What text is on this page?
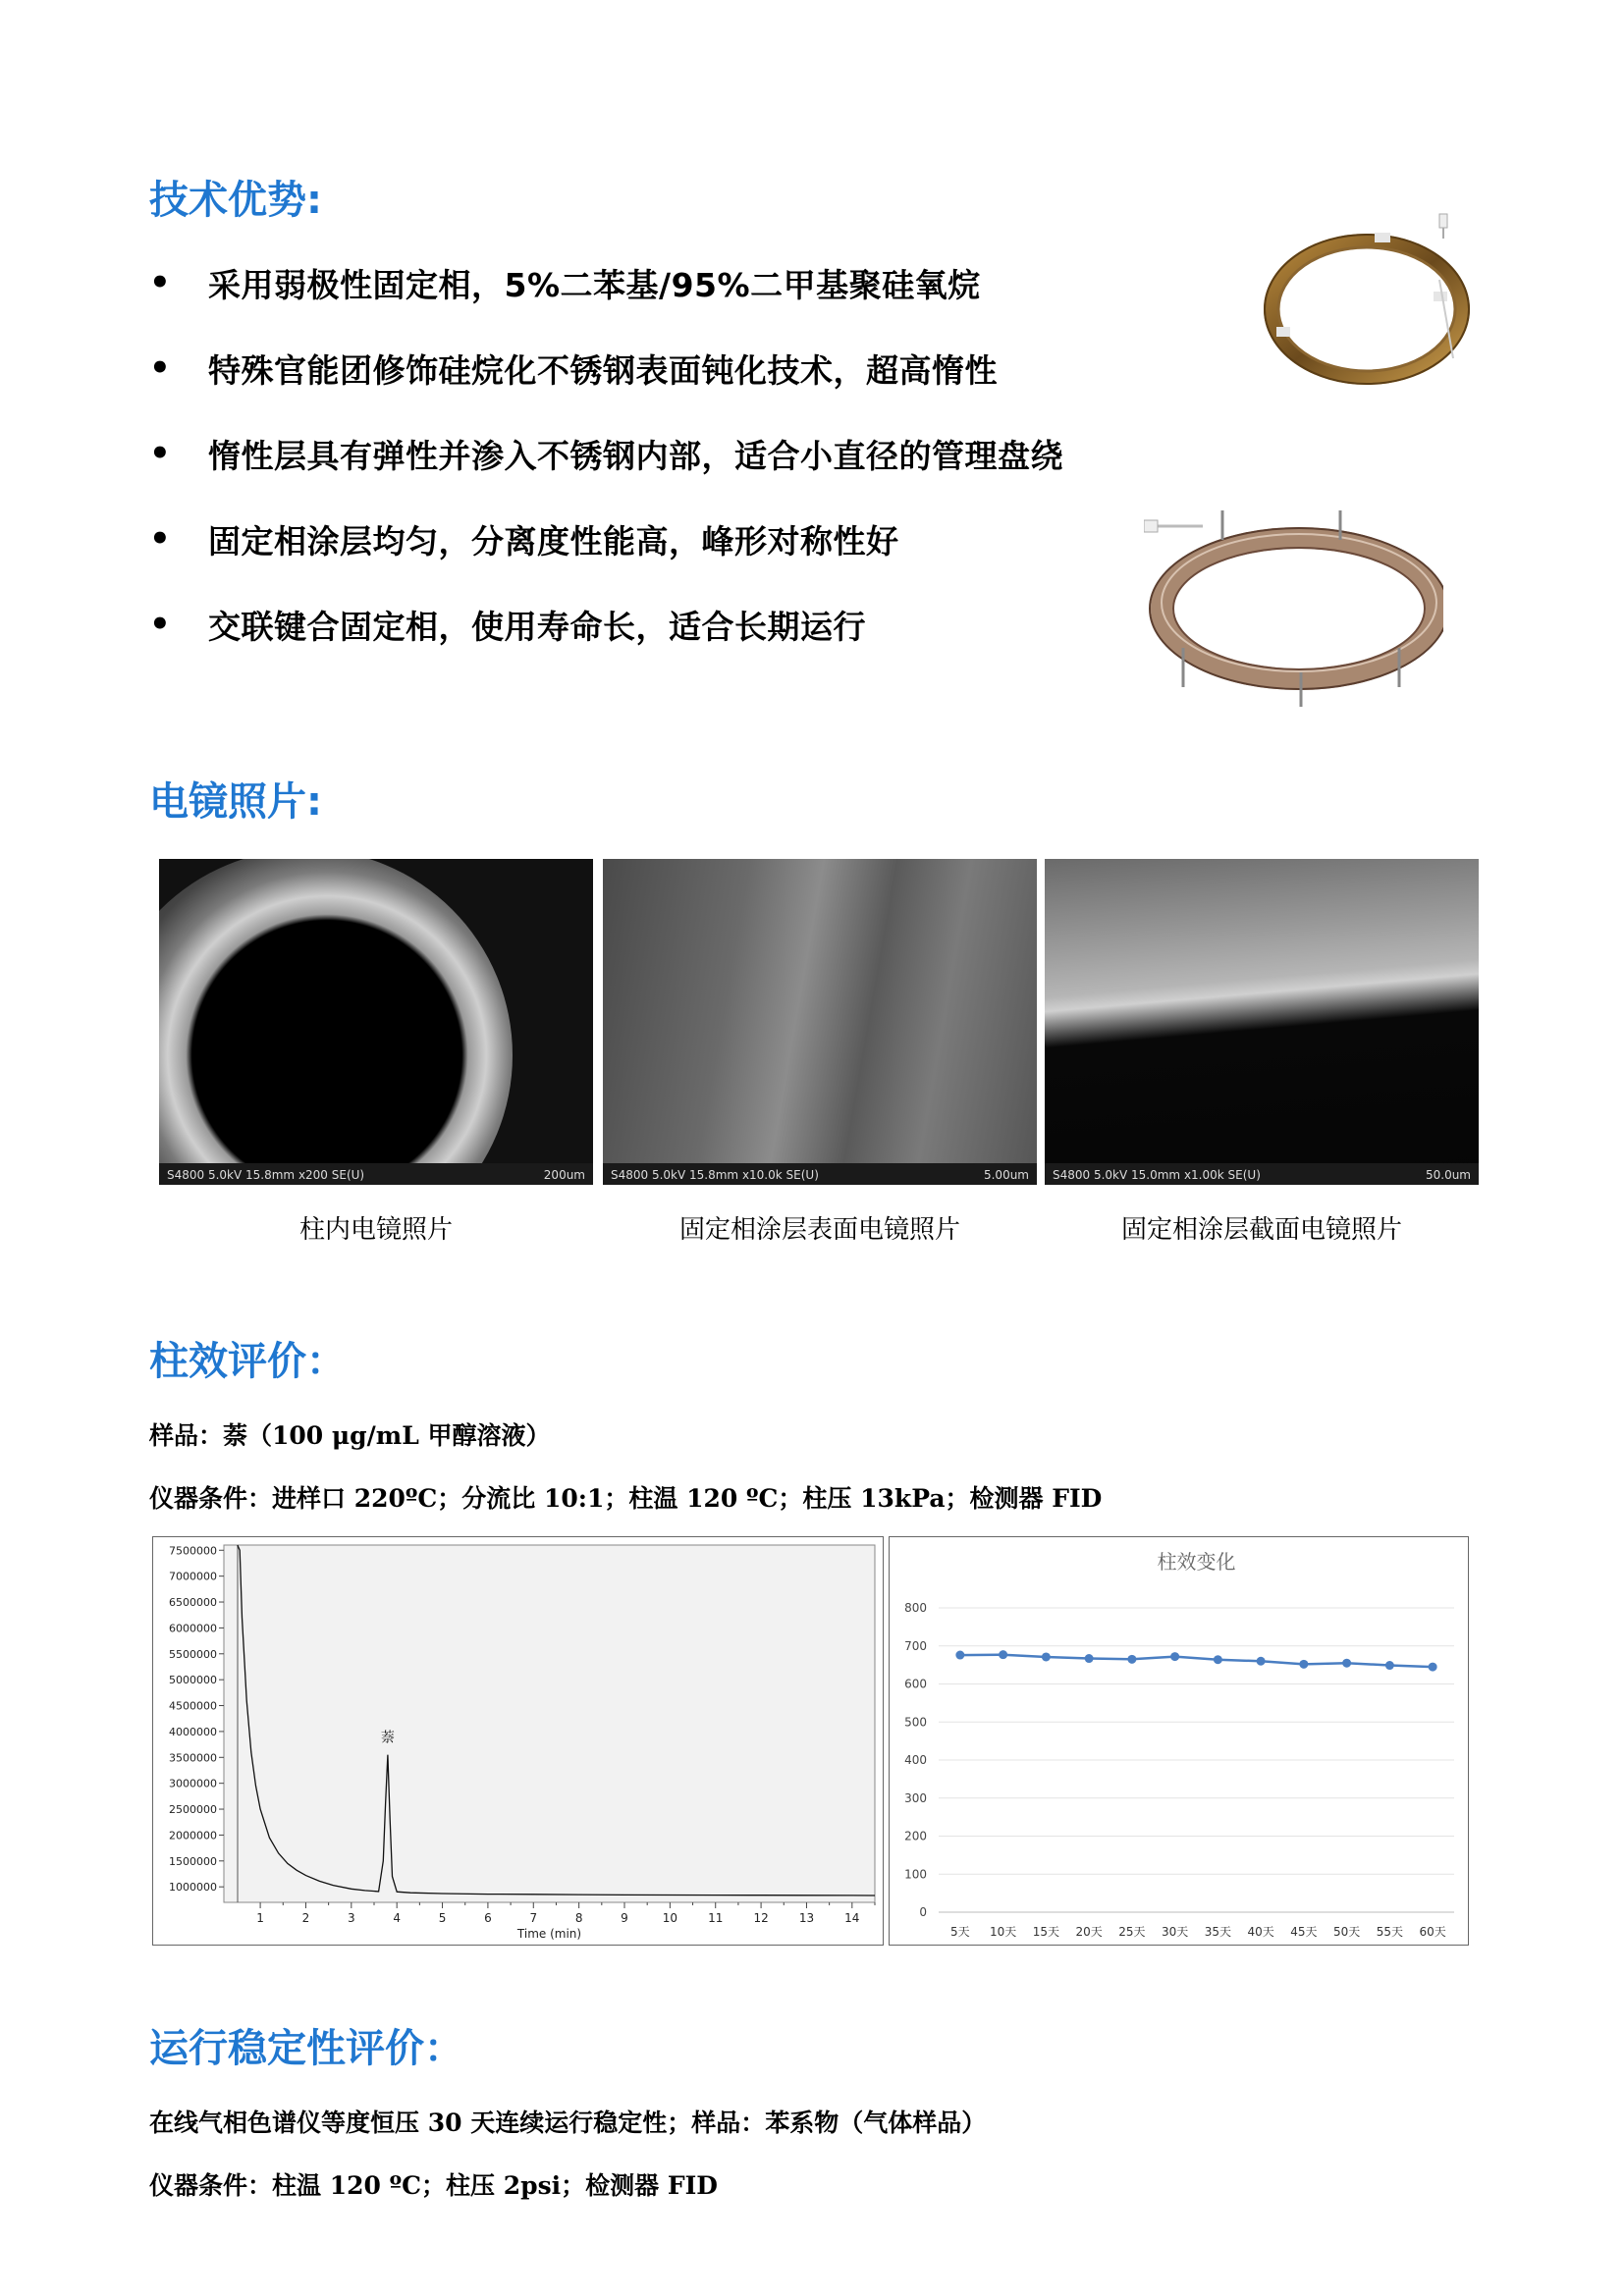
技术优势:
•	采用弱极性固定相，5%二苯基/95%二甲基聚硅氧烷
•	特殊官能团修饰硅烷化不锈钢表面钝化技术，超高惰性
•	惰性层具有弹性并渗入不锈钢内部，适合小直径的管理盘绕
•	固定相涂层均匀，分离度性能高，峰形对称性好
•	交联键合固定相，使用寿命长，适合长期运行
电镜照片:
S4800 5.0kV 15.8mm x200 SE(U)	200um S4800 5.0kV 15.8mm x10.0k SE(U)	5.00um S4800 5.0kV 15.0mm x1.00k SE(U)	50.0um
柱内电镜照片	固定相涂层表面电镜照片	固定相涂层截面电镜照片
柱效评价：
样品：萘（100 μg/mL 甲醇溶液）
仪器条件：进样口 220ºC；分流比 10:1；柱温 120 ºC；柱压 13kPa；检测器 FID
1000000
1500000
2000000
2500000
3000000
3500000
4000000
4500000
5000000
5500000
6000000
6500000
7000000
7500000
1	2	3	4	5	6	7	8	9	10	11	12	13	14
Time (min)
萘
柱效变化
0
100
200
300
400
500
600
700
800
5天 10天 15天 20天 25天 30天 35天 40天 45天 50天 55天 60天
运行稳定性评价：
在线气相色谱仪等度恒压 30 天连续运行稳定性；样品：苯系物（气体样品）
仪器条件：柱温 120 ºC；柱压 2psi；检测器 FID
